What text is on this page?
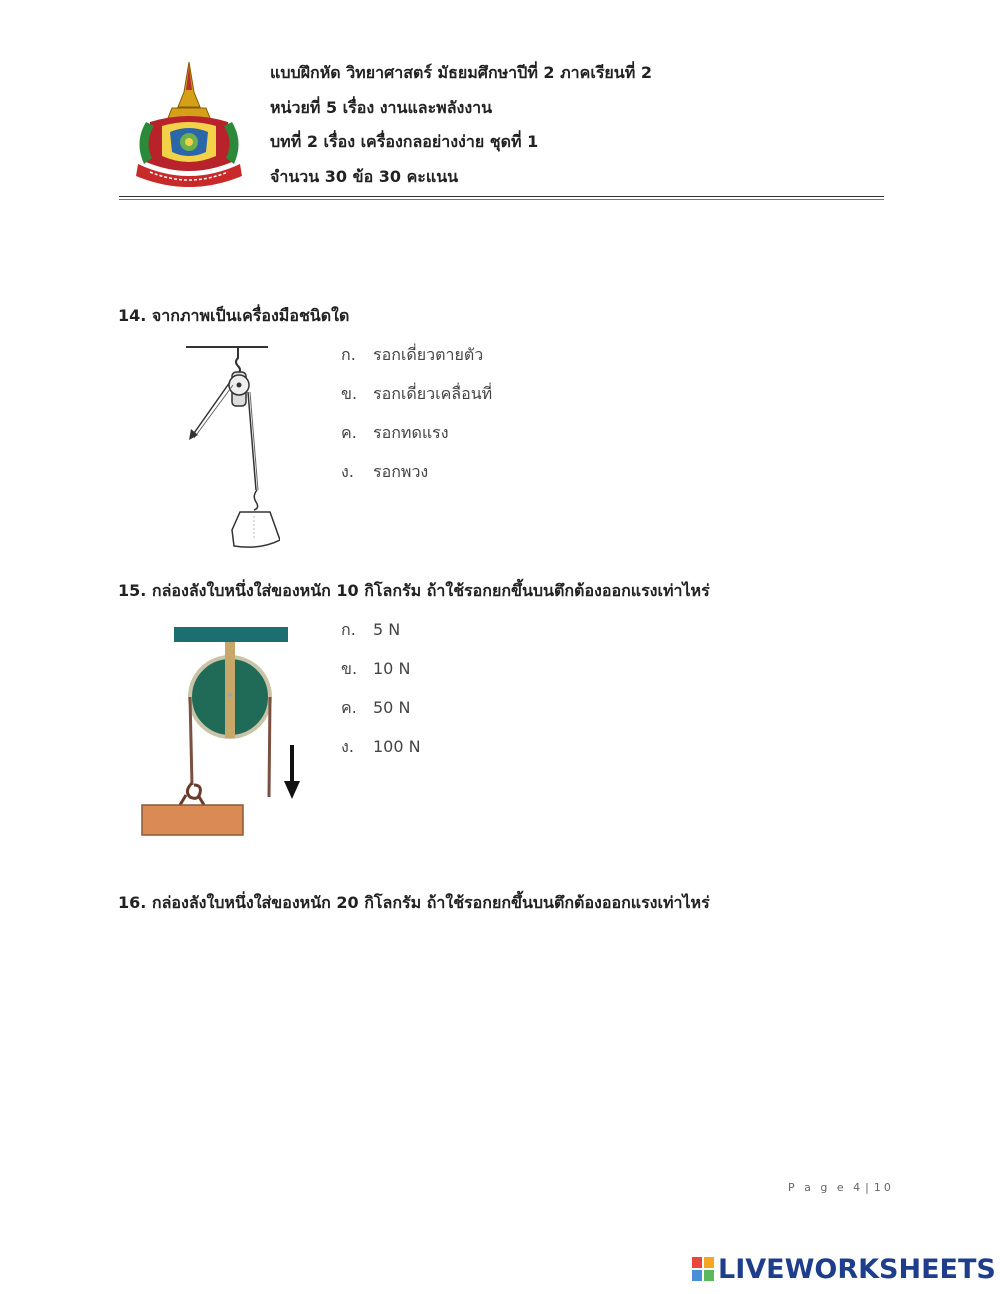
แบบฝึกหัด วิทยาศาสตร์ มัธยมศึกษาปีที่ 2 ภาคเรียนที่ 2
หน่วยที่ 5 เรื่อง งานและพลังงาน
บทที่ 2 เรื่อง เครื่องกลอย่างง่าย ชุดที่ 1
จำนวน 30 ข้อ 30 คะแนน
14. จากภาพเป็นเครื่องมือชนิดใด
ก. รอกเดี่ยวตายตัว
ข. รอกเดี่ยวเคลื่อนที่
ค. รอกทดแรง
ง. รอกพวง
15. กล่องลังใบหนึ่งใส่ของหนัก 10 กิโลกรัม ถ้าใช้รอกยกขึ้นบนตึกต้องออกแรงเท่าไหร่
ก. 5 N
ข. 10 N
ค. 50 N
ง. 100 N
16. กล่องลังใบหนึ่งใส่ของหนัก 20 กิโลกรัม ถ้าใช้รอกยกขึ้นบนตึกต้องออกแรงเท่าไหร่
P a g e 4 | 10
LIVEWORKSHEETS
